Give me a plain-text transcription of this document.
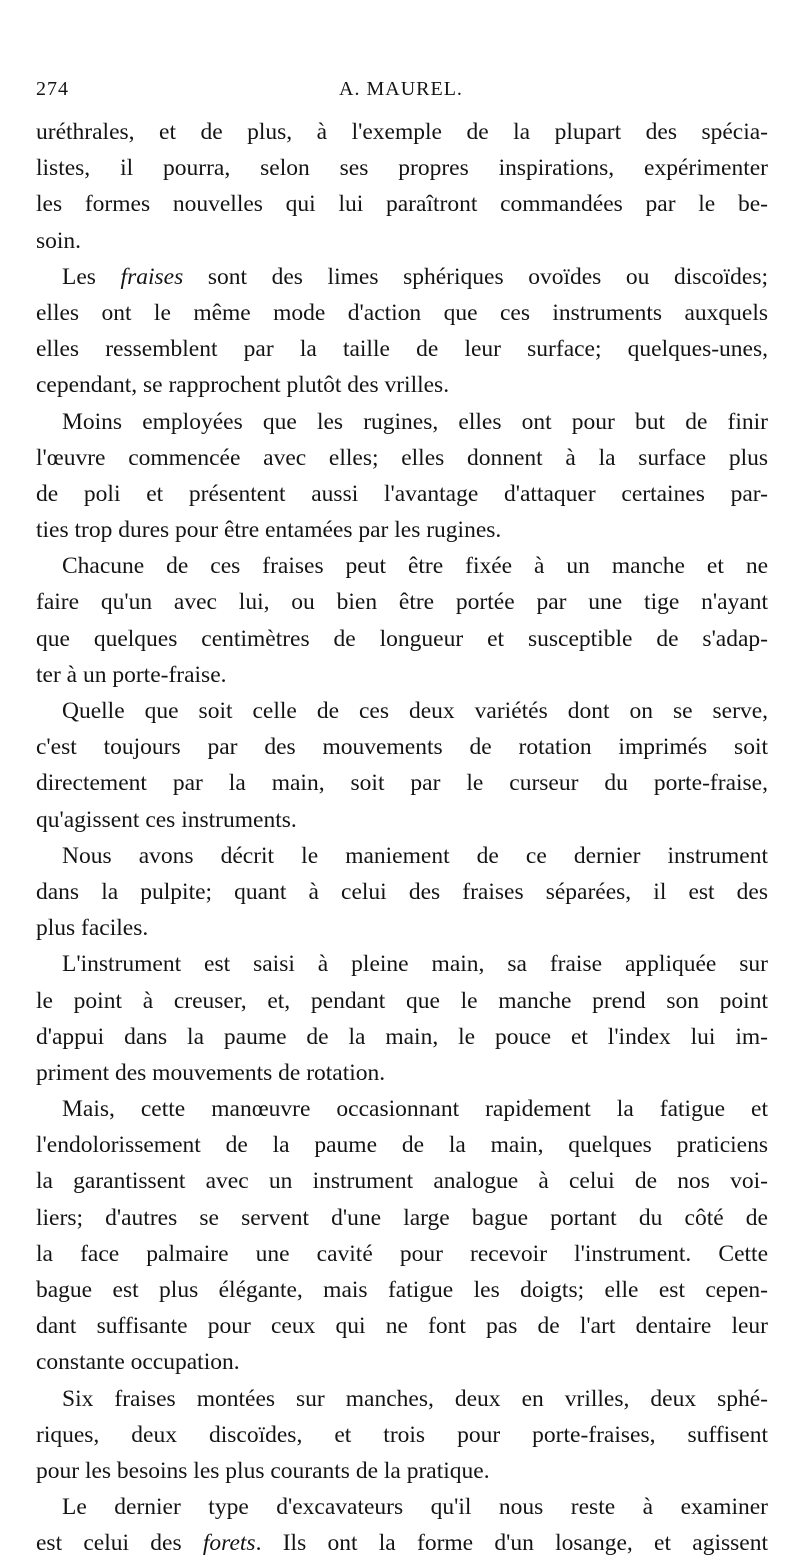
274	A. MAUREL.
uréthrales, et de plus, à l'exemple de la plupart des spécia-
listes, il pourra, selon ses propres inspirations, expérimenter
les formes nouvelles qui lui paraîtront commandées par le be-
soin.
Les fraises sont des limes sphériques ovoïdes ou discoïdes;
elles ont le même mode d'action que ces instruments auxquels
elles ressemblent par la taille de leur surface; quelques-unes,
cependant, se rapprochent plutôt des vrilles.
Moins employées que les rugines, elles ont pour but de finir
l'œuvre commencée avec elles; elles donnent à la surface plus
de poli et présentent aussi l'avantage d'attaquer certaines par-
ties trop dures pour être entamées par les rugines.
Chacune de ces fraises peut être fixée à un manche et ne
faire qu'un avec lui, ou bien être portée par une tige n'ayant
que quelques centimètres de longueur et susceptible de s'adap-
ter à un porte-fraise.
Quelle que soit celle de ces deux variétés dont on se serve,
c'est toujours par des mouvements de rotation imprimés soit
directement par la main, soit par le curseur du porte-fraise,
qu'agissent ces instruments.
Nous avons décrit le maniement de ce dernier instrument
dans la pulpite; quant à celui des fraises séparées, il est des
plus faciles.
L'instrument est saisi à pleine main, sa fraise appliquée sur
le point à creuser, et, pendant que le manche prend son point
d'appui dans la paume de la main, le pouce et l'index lui im-
priment des mouvements de rotation.
Mais, cette manœuvre occasionnant rapidement la fatigue et
l'endolorissement de la paume de la main, quelques praticiens
la garantissent avec un instrument analogue à celui de nos voi-
liers; d'autres se servent d'une large bague portant du côté de
la face palmaire une cavité pour recevoir l'instrument. Cette
bague est plus élégante, mais fatigue les doigts; elle est cepen-
dant suffisante pour ceux qui ne font pas de l'art dentaire leur
constante occupation.
Six fraises montées sur manches, deux en vrilles, deux sphé-
riques, deux discoïdes, et trois pour porte-fraises, suffisent
pour les besoins les plus courants de la pratique.
Le dernier type d'excavateurs qu'il nous reste à examiner
est celui des forets. Ils ont la forme d'un losange, et agissent
